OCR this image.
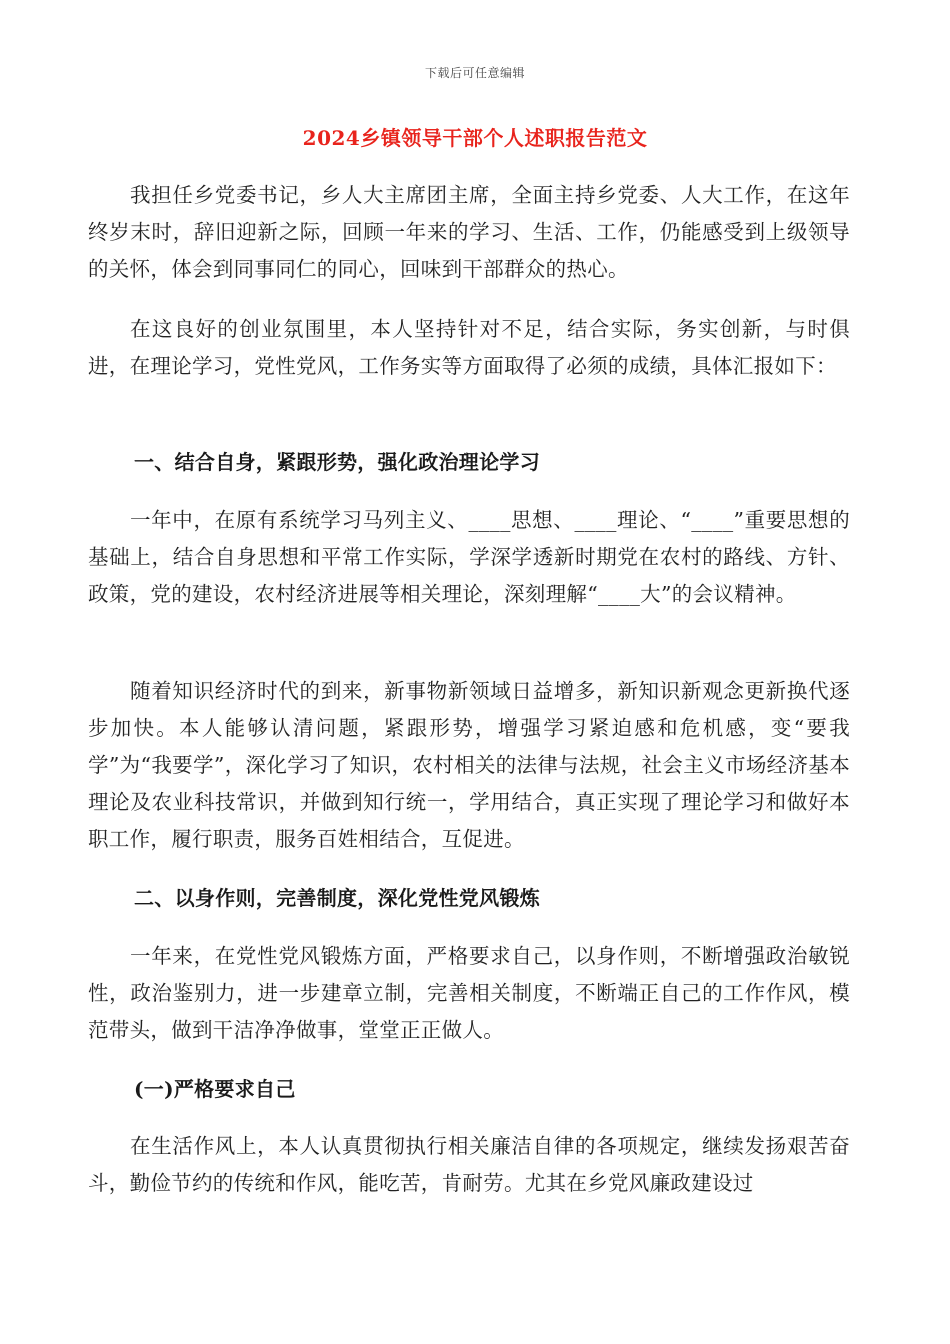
下载后可任意编辑
2024乡镇领导干部个人述职报告范文

我担任乡党委书记，乡人大主席团主席，全面主持乡党委、人大工作，在这年终岁末时，辞旧迎新之际，回顾一年来的学习、生活、工作，仍能感受到上级领导的关怀，体会到同事同仁的同心，回味到干部群众的热心。

在这良好的创业氛围里，本人坚持针对不足，结合实际，务实创新，与时俱进，在理论学习，党性党风，工作务实等方面取得了必须的成绩，具体汇报如下：

一、结合自身，紧跟形势，强化政治理论学习

一年中，在原有系统学习马列主义、____思想、____理论、“____”重要思想的基础上，结合自身思想和平常工作实际，学深学透新时期党在农村的路线、方针、政策，党的建设，农村经济进展等相关理论，深刻理解“____大”的会议精神。

随着知识经济时代的到来，新事物新领域日益增多，新知识新观念更新换代逐步加快。本人能够认清问题，紧跟形势，增强学习紧迫感和危机感，变“要我学”为“我要学”，深化学习了知识，农村相关的法律与法规，社会主义市场经济基本理论及农业科技常识，并做到知行统一，学用结合，真正实现了理论学习和做好本职工作，履行职责，服务百姓相结合，互促进。

二、以身作则，完善制度，深化党性党风锻炼

一年来，在党性党风锻炼方面，严格要求自己，以身作则，不断增强政治敏锐性，政治鉴别力，进一步建章立制，完善相关制度，不断端正自己的工作作风，模范带头，做到干洁净净做事，堂堂正正做人。

(一)严格要求自己

在生活作风上，本人认真贯彻执行相关廉洁自律的各项规定，继续发扬艰苦奋斗，勤俭节约的传统和作风，能吃苦，肯耐劳。尤其在乡党风廉政建设过
